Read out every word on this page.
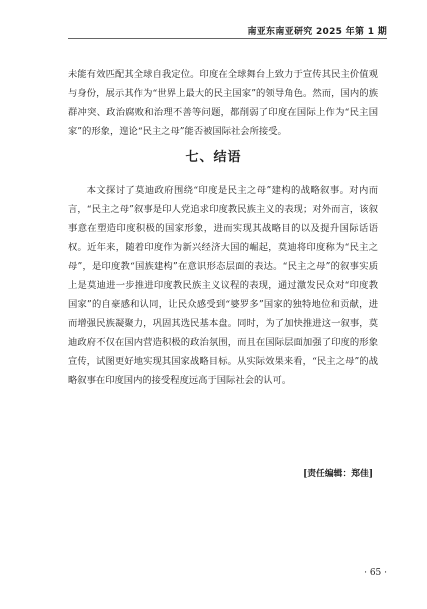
南亚东南亚研究 2025 年第 1 期

未能有效匹配其全球自我定位。印度在全球舞台上致力于宣传其民主价值观与身份，展示其作为“世界上最大的民主国家”的领导角色。然而，国内的族群冲突、政治腐败和治理不善等问题，都削弱了印度在国际上作为“民主国家”的形象，遑论“民主之母”能否被国际社会所接受。

七、结语

本文探讨了莫迪政府围绕“印度是民主之母”建构的战略叙事。对内而言，“民主之母”叙事是印人党追求印度教民族主义的表现；对外而言，该叙事意在塑造印度积极的国家形象，进而实现其战略目的以及提升国际话语权。近年来，随着印度作为新兴经济大国的崛起，莫迪将印度称为“民主之母”，是印度教“国族建构”在意识形态层面的表达。“民主之母”的叙事实质上是莫迪进一步推进印度教民族主义议程的表现，通过激发民众对“印度教国家”的自豪感和认同，让民众感受到“婆罗多”国家的独特地位和贡献，进而增强民族凝聚力，巩固其选民基本盘。同时，为了加快推进这一叙事，莫迪政府不仅在国内营造积极的政治氛围，而且在国际层面加强了印度的形象宣传，试图更好地实现其国家战略目标。从实际效果来看，“民主之母”的战略叙事在印度国内的接受程度远高于国际社会的认可。

[责任编辑：郑佳]
· 65 ·
